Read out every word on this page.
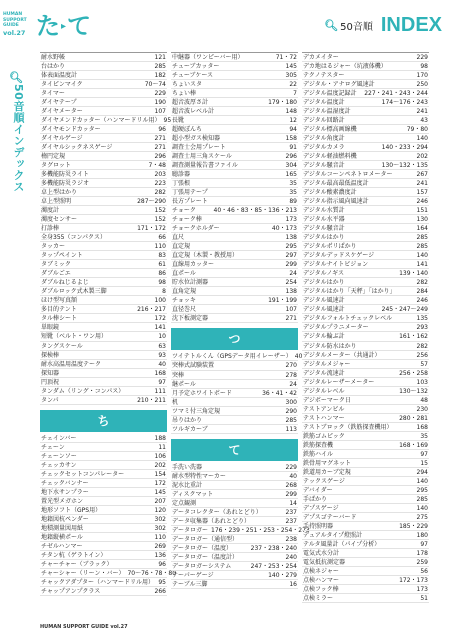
HUMAN
SUPPORT
GUIDE
vol.27
🔍︎
50音順インデックス
た▸て	🔍︎ 50音順 INDEX
耐水野帳	121
台はかり	285
体表面温度計	182
タイピンマイク	70〜74
タイマー	229
ダイヤテープ	190
ダイヤメーター	107
ダイヤメンドカッター（ハンマードリル用） 95
ダイヤモンドカッター	96
ダイヤルゲージ	271
ダイヤルシックネスゲージ	271
楕円定規	296
タグロット	7・48
多機能防災ライト	203
多機能防災ラジオ	223
卓上型はかり	282
卓上型照明	287〜290
濁度計	152
濁度センサー	152
打診棒	171・172
全身355（コンパクス）	66
タッカー	110
タップペイント	83
タブミック	61
ダブルごエ	86
ダブルねじるよじ	98
ダブルロック式木製三脚	8
ほけ型写真額	100
多目的テント	216・217
タル棒シート	172
単眼鏡	141
短靴（ベルト・ワン用）	10
タングスケール	63
探検棒	93
耐水高温用温度テーク	40
探知器	168
円頂祝	97
タンダム（リング・コンパス）	111
タンパ	210・211
ち
チェインバー	188
チェーン	11
チェーンソー	106
チェッカサン	202
チェックセットコンパレーター	154
チェックバンナー	172
地下水サンプラー	145
置光型メガホン	207
地形ソフト（GPS用）	120
地籍図杭ペンダー	302
地積測量図用紙	302
地籍縦横ポール	110
チゼルハンマー	269
チタン杭（ゲラトイン）	136
チャーチャー（ブラック）	96
チャーシャー（リーン・バー） 70〜76・78・80
チャックアダプター（ハンマードリル用） 95
チャップアンプクラス	266
中継器（ワンピーバー用）	71・72
チューブカッター	145
チューブケース	305
ちょいスタ	22
ちょい棒	7
超音波厚さ計	179・180
超音波レベル計	148
長靴	12
超硬ぽんち	94
超小型ガス検知器	158
調査士会用プレート	91
調査士用三角スケール	296
調査測量報告書ファイル	304
聴診器	165
丁張根	35
丁張用テープ	35
長方プレート	89
チョーク	40・46・83・85・136・213
チョーク棒	173
チョークホルダー	40・173
直尺	138
直定規	295
直定規（木製・教授用）	297
直線用カッター	299
直ポール	24
貯水位計測器	254
直角定規	138
チョッキ	191・199
直径巻尺	107
沈下板測定器	271
つ
ツイテトルくん（GPSデータ用イレーザー） 40
突棒式試験装置	270
突棒	278
継ポール	24
月予定ホワイトボード	36・41・42
机	300
ツマミ付三角定規	290
吊りはかり	285
ツルギカーブ	113
て
手洗い洗器	229
耐水型特性マーカー	40
泥水比重計	268
ディスクマット	299
定点観測	14
データコレクター（あれとどり）	237
データ収集器（あれとどり）	237
データロガー 176・239・251・253・254・273
データロガー（通信型）	238
データロガー（温度）	237・238・240
データロガー（温度計）	240
データロガーシステム	247・253・254
テーパーゲージ	140・279
テーブル三脚	16
デカメイター	229
デカ地はるジャー（坑液体機）	98
テクノテスター	170
デジタル・アナログ風速計	250
デジタル温度記録計	227・241・243・244
デジタル温度計	174〜176・243
デジタル温湿度計	241
デジタル回路計	43
デジタル標高画線機	79・80
デジタル角度計	140
デジタルカメラ	140・233・294
デジタル軽油燃料機	202
デジタル騒音計	130〜132・135
デジタルコーンペネトロメーター	267
デジタル最高最低温度計	241
デジタル酸素濃度計	157
デジタル指示風向風速計	246
デジタル水質計	151
デジタル水平器	130
デジタル騒音計	164
デジタルはかり	285
デジタルポリぱかり	285
デジタルデッドスケゲージ	140
デジタルナイトビジョン	141
デジタルノギス	139・140
デジタルはかり	282
デジタルはかり「天秤」「はかり」	284
デジタル風速計	246
デジタル風速計	245・247〜249
デジタルフォルトチェックレベル	135
デジタルプラニメーター	293
デジタル輪ぶ計	161・162
デジタル防水はかり	282
デジタルメーター（共通計）	256
デジタルメジャー	57
デジタル流速計	256・258
デジタルレーザーメーター	103
デジタルレベル	130〜132
デジボーマーク日	48
テストアンビル	230
テストハンマー	280・281
テストブロック（鉄筋探査機用）	168
鉄筋ゴムピック	35
鉄筋探査機	168・169
鉄筋ハイル	97
鉄骨用マグネット	15
鉄道用カーブ定規	294
テックスゲージ	140
デバイダー	295
手ぱかり	285
デプスゲージ	140
デプスゴテーバード	275
手持照明器	185・229
デュアルタイプ燈照計	180
テルタ風量計（パイプ分析）	97
電気式水分計	178
電気抵抗測定器	259
点検ネジャー	56
点検ハンマー	172・173
点検フック棒	173
点検ミラー	51
HUMAN SUPPORT GUIDE vol.27
